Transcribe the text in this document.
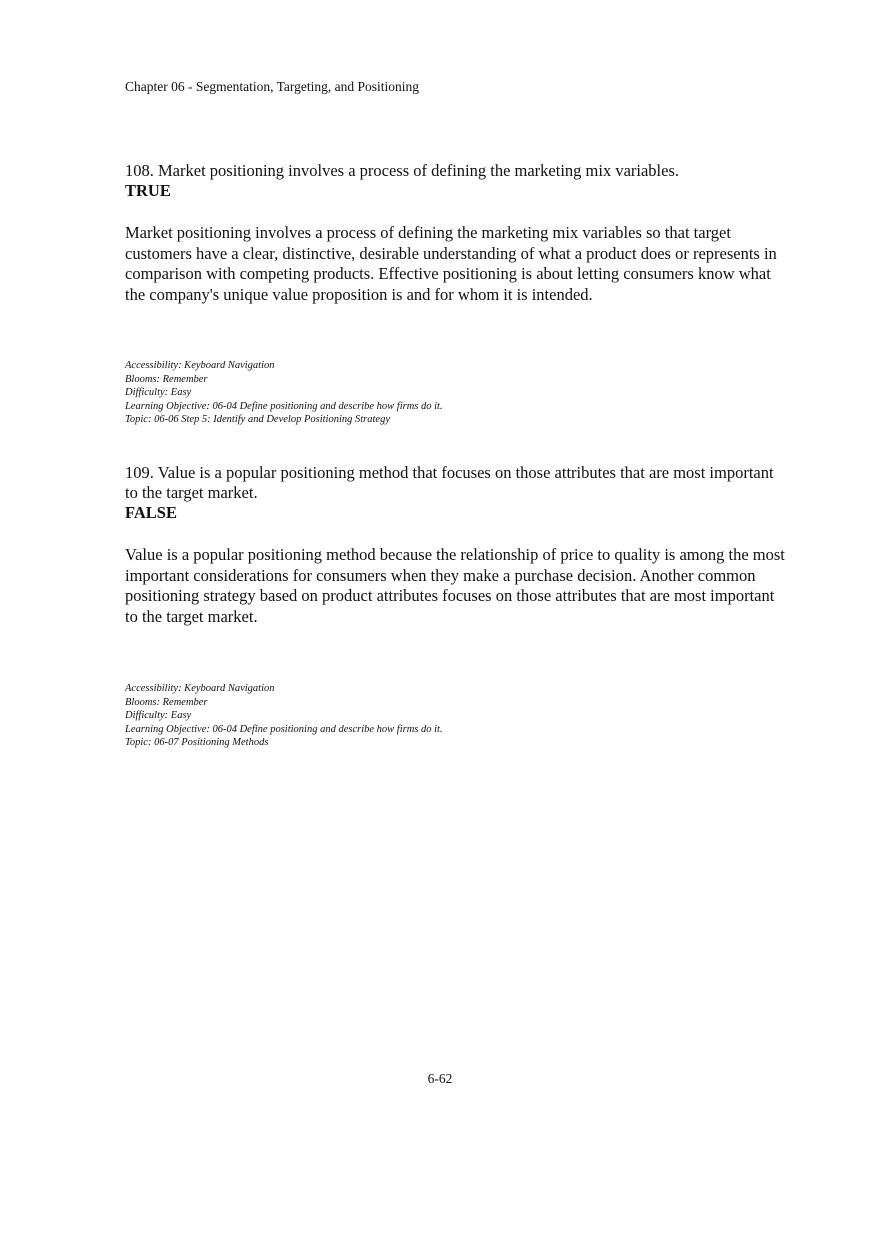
Chapter 06 - Segmentation, Targeting, and Positioning
108. Market positioning involves a process of defining the marketing mix variables.
TRUE
Market positioning involves a process of defining the marketing mix variables so that target customers have a clear, distinctive, desirable understanding of what a product does or represents in comparison with competing products. Effective positioning is about letting consumers know what the company's unique value proposition is and for whom it is intended.
Accessibility: Keyboard Navigation
Blooms: Remember
Difficulty: Easy
Learning Objective: 06-04 Define positioning and describe how firms do it.
Topic: 06-06 Step 5: Identify and Develop Positioning Strategy
109. Value is a popular positioning method that focuses on those attributes that are most important to the target market.
FALSE
Value is a popular positioning method because the relationship of price to quality is among the most important considerations for consumers when they make a purchase decision. Another common positioning strategy based on product attributes focuses on those attributes that are most important to the target market.
Accessibility: Keyboard Navigation
Blooms: Remember
Difficulty: Easy
Learning Objective: 06-04 Define positioning and describe how firms do it.
Topic: 06-07 Positioning Methods
6-62
